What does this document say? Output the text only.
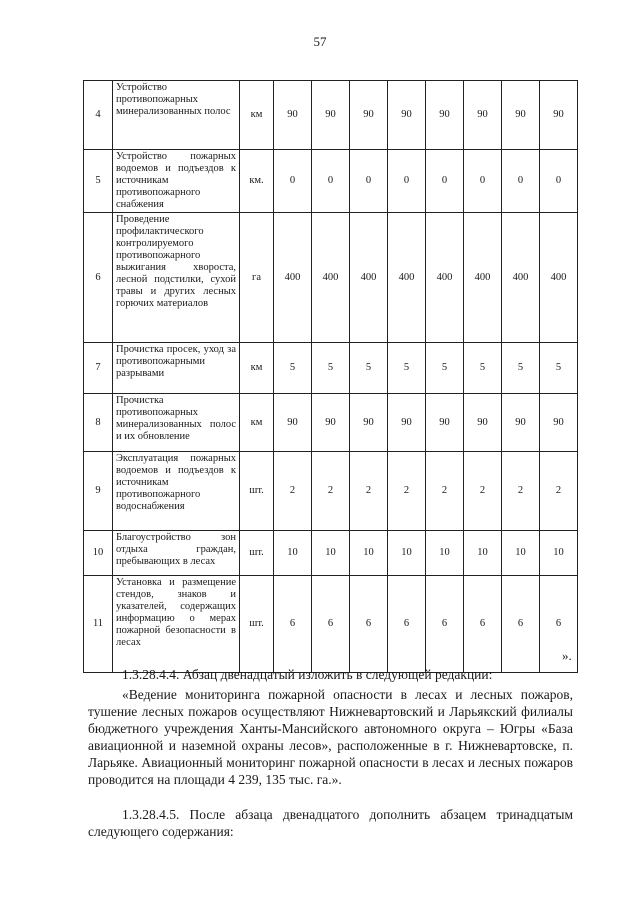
57
4	Устройство противопожарных минерализованных полос	км	90	90	90	90	90	90	90	90
5	Устройство пожарных водоемов и подъездов к источникам противопожарного снабжения	км.	0	0	0	0	0	0	0	0
6	Проведение профилактического контролируемого противопожарного выжигания хвороста, лесной подстилки, сухой травы и других лесных горючих материалов	га	400	400	400	400	400	400	400	400
7	Прочистка просек, уход за противопожарными разрывами	км	5	5	5	5	5	5	5	5
8	Прочистка противопожарных минерализованных полос и их обновление	км	90	90	90	90	90	90	90	90
9	Эксплуатация пожарных водоемов и подъездов к источникам противопожарного водоснабжения	шт.	2	2	2	2	2	2	2	2
10	Благоустройство зон отдыха граждан, пребывающих в лесах	шт.	10	10	10	10	10	10	10	10
11	Установка и размещение стендов, знаков и указателей, содержащих информацию о мерах пожарной безопасности в лесах	шт.	6	6	6	6	6	6	6	6
».

1.3.28.4.4. Абзац двенадцатый изложить в следующей редакции:

«Ведение мониторинга пожарной опасности в лесах и лесных пожаров, тушение лесных пожаров осуществляют Нижневартовский и Ларьякский филиалы бюджетного учреждения Ханты-Мансийского автономного округа – Югры «База авиационной и наземной охраны лесов», расположенные в г. Нижневартовске, п. Ларьяке. Авиационный мониторинг пожарной опасности в лесах и лесных пожаров проводится на площади 4 239, 135 тыс. га.».

1.3.28.4.5. После абзаца двенадцатого дополнить абзацем тринадцатым следующего содержания:
